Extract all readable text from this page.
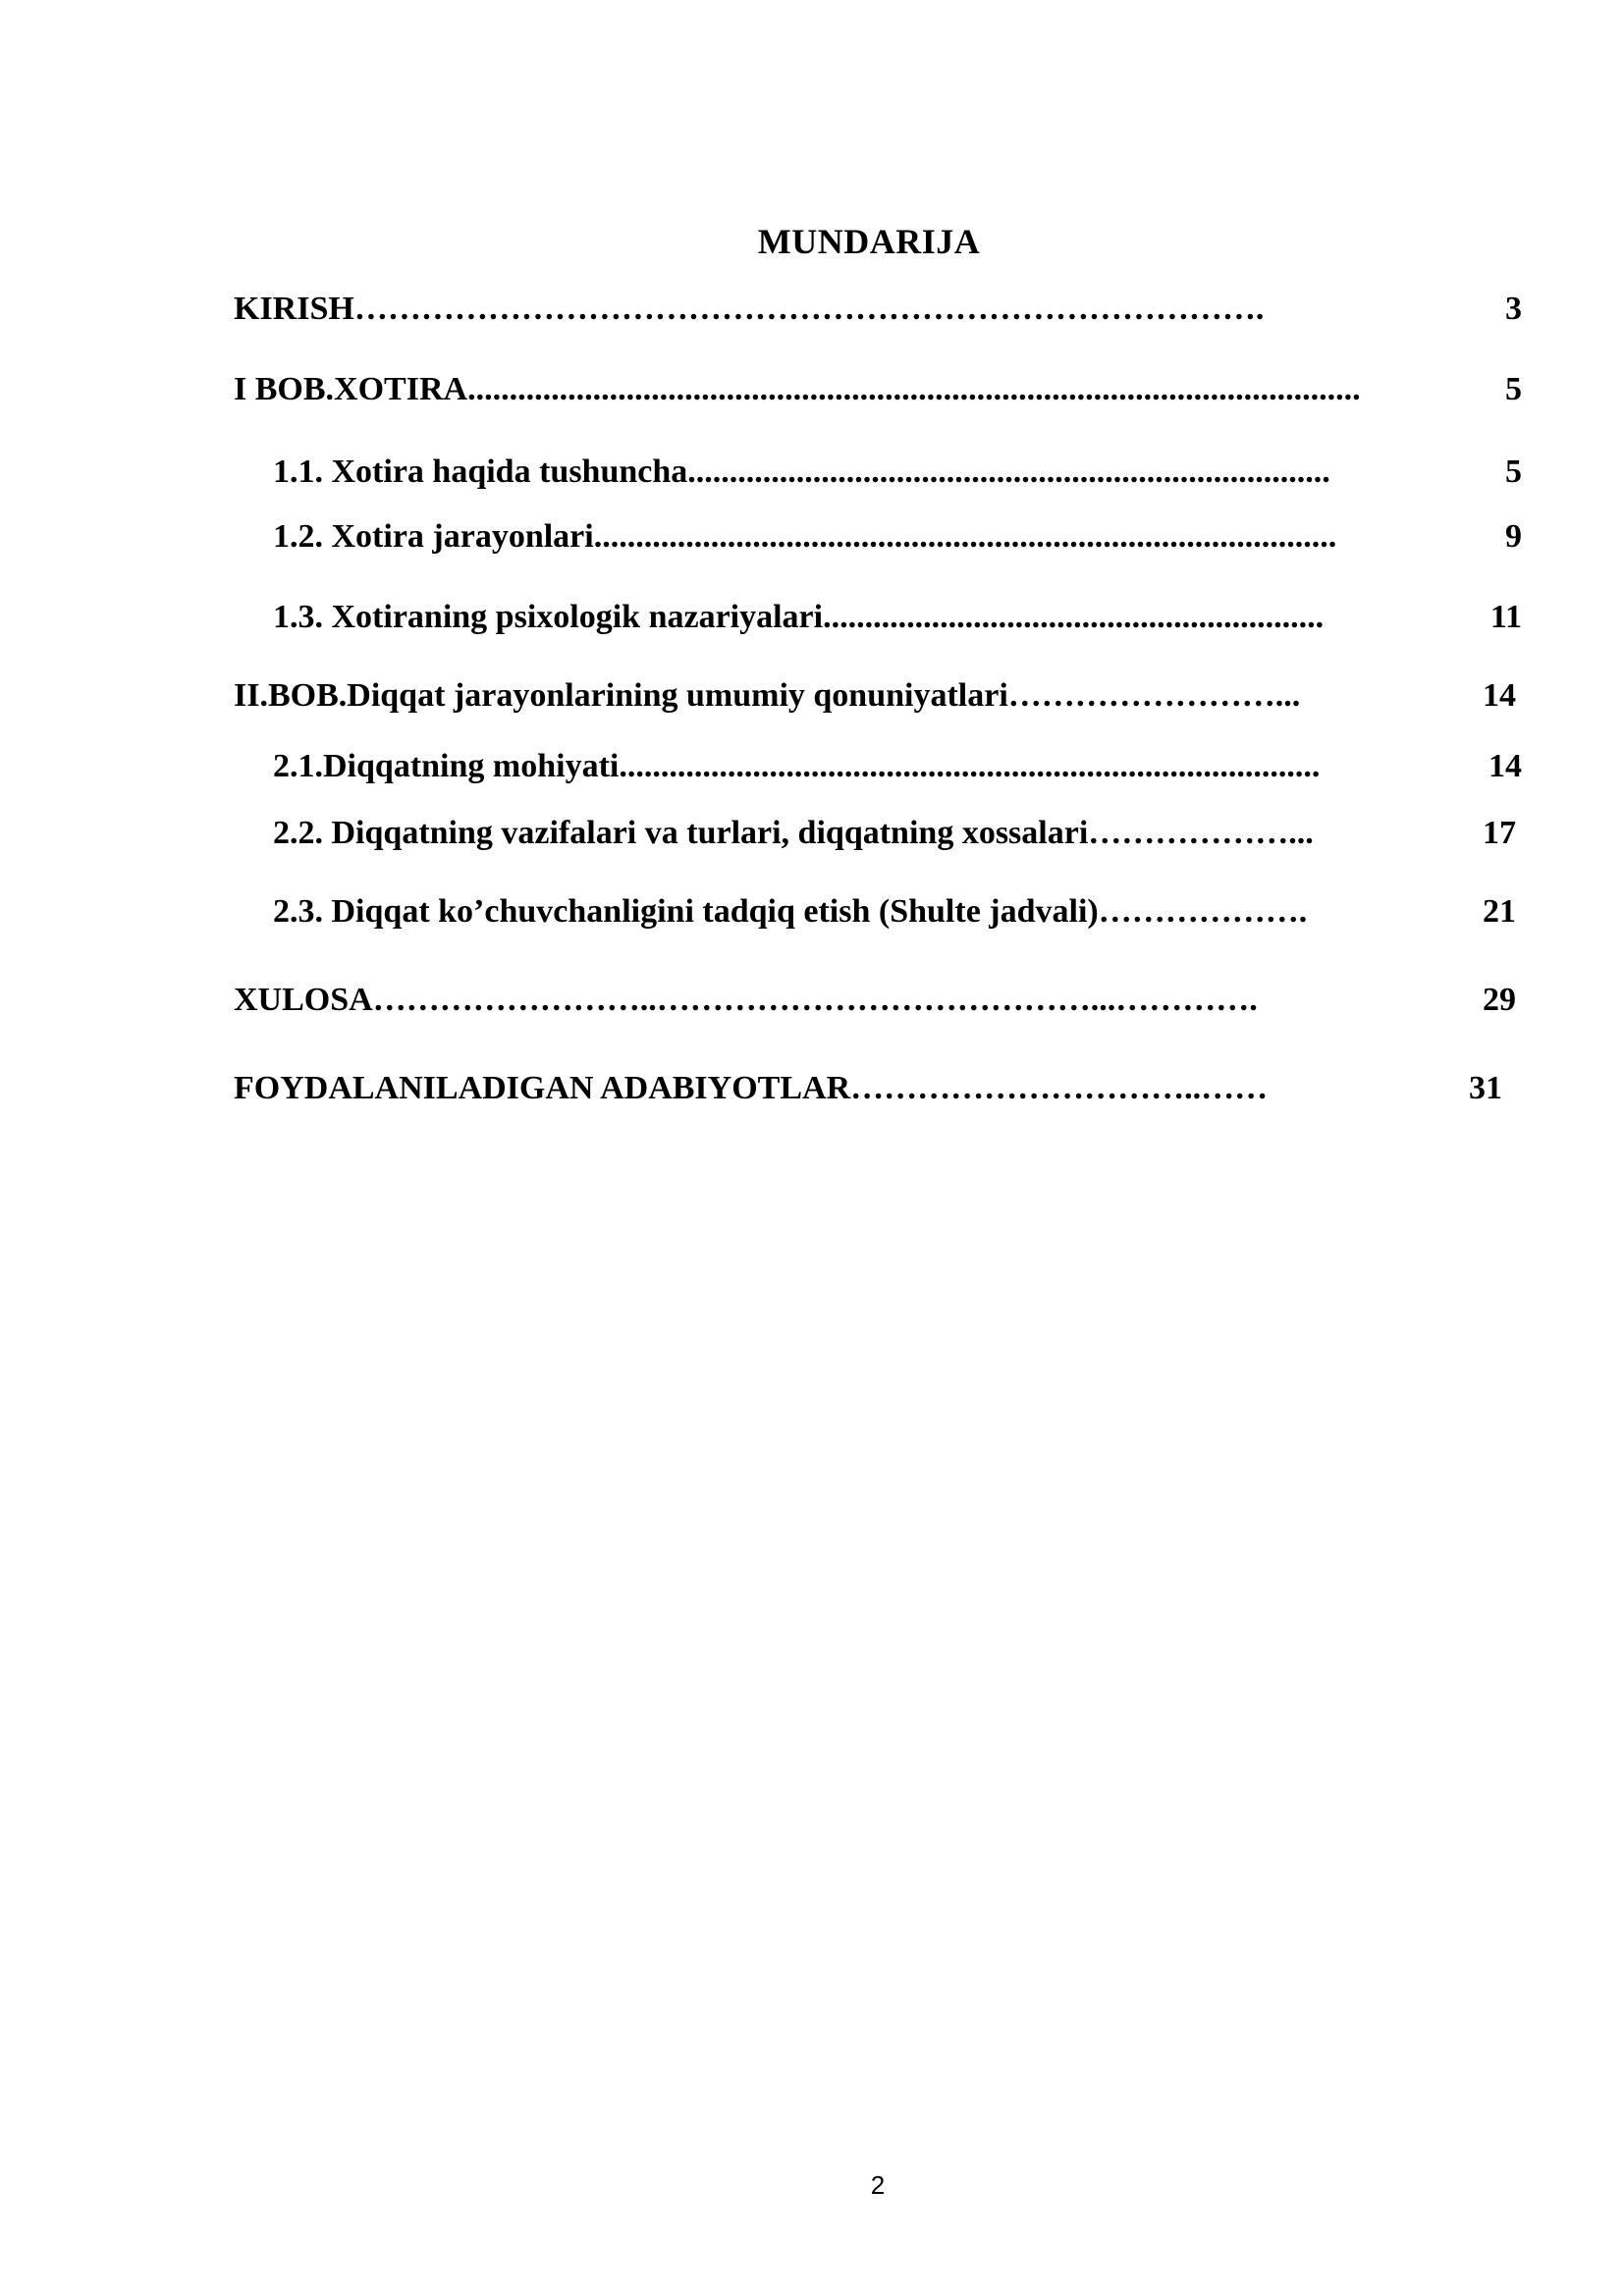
MUNDARIJA
KIRISH ……………………………………………………………………….	3
I BOB.XOTIRA ...........................................................................................................	5
1.1. Xotira haqida tushuncha .............................................................................	5
1.2. Xotira jarayonlari .........................................................................................	9
1.3. Xotiraning psixologik nazariyalari ............................................................	11
II.BOB.Diqqat jarayonlarining umumiy qonuniyatlari ……………………...	14
2.1.Diqqatning mohiyati ....................................................................................	14
2.2. Diqqatning vazifalari va turlari, diqqatning xossalari ………………...	17
2.3. Diqqat ko’chuvchanligini tadqiq etish (Shulte jadvali) ……………….	21
XULOSA ……………………..…………………………………...………….	29
FOYDALANILADIGAN ADABIYOTLAR …………………………..……	31
2
